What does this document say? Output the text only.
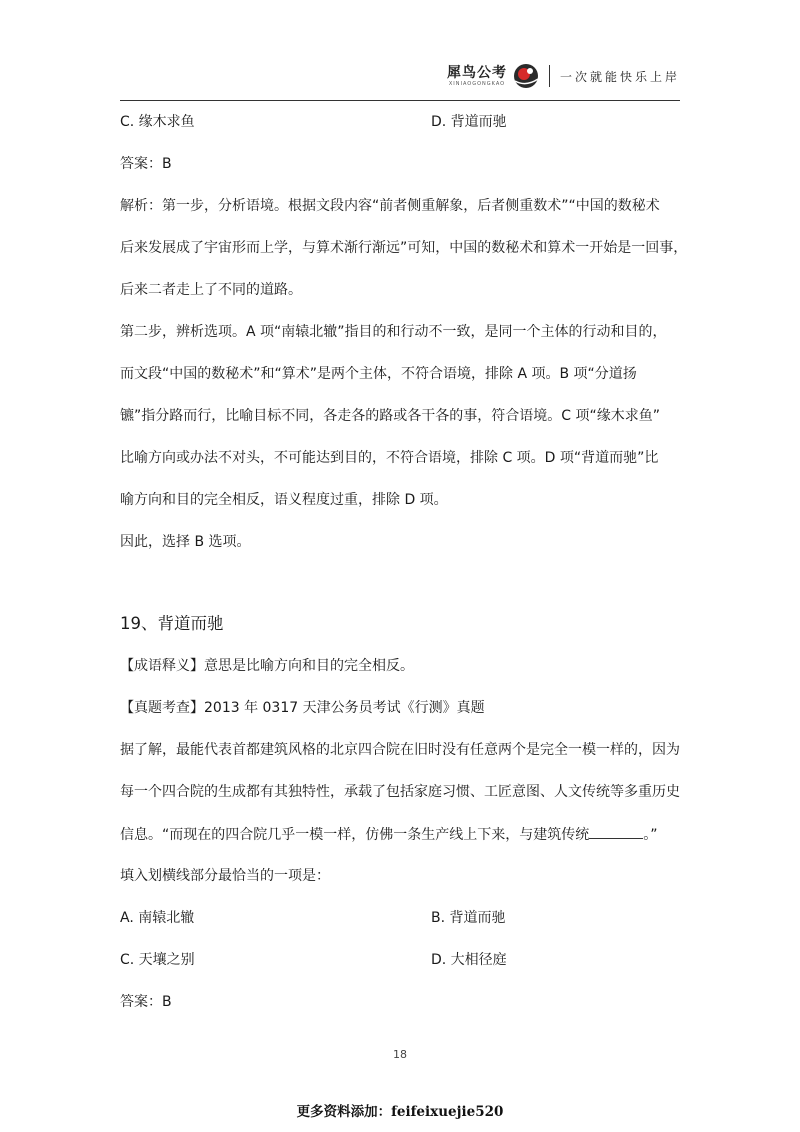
犀鸟公考
XINIAOGONGKAO	一次就能快乐上岸
C. 缘木求鱼	D. 背道而驰
答案：B
解析：第一步，分析语境。根据文段内容“前者侧重解象，后者侧重数术”“中国的数秘术
后来发展成了宇宙形而上学，与算术渐行渐远”可知，中国的数秘术和算术一开始是一回事，
后来二者走上了不同的道路。
第二步，辨析选项。A 项“南辕北辙”指目的和行动不一致，是同一个主体的行动和目的，
而文段“中国的数秘术”和“算术”是两个主体，不符合语境，排除 A 项。B 项“分道扬
镳”指分路而行，比喻目标不同，各走各的路或各干各的事，符合语境。C 项“缘木求鱼”
比喻方向或办法不对头，不可能达到目的，不符合语境，排除 C 项。D 项“背道而驰”比
喻方向和目的完全相反，语义程度过重，排除 D 项。
因此，选择 B 选项。
19、背道而驰
【成语释义】意思是比喻方向和目的完全相反。
【真题考查】2013 年 0317 天津公务员考试《行测》真题
据了解，最能代表首都建筑风格的北京四合院在旧时没有任意两个是完全一模一样的，因为
每一个四合院的生成都有其独特性，承载了包括家庭习惯、工匠意图、人文传统等多重历史
信息。“而现在的四合院几乎一模一样，仿佛一条生产线上下来，与建筑传统	。”
填入划横线部分最恰当的一项是：
A. 南辕北辙	B. 背道而驰
C. 天壤之别	D. 大相径庭
答案：B
18
更多资料添加：feifeixuejie520
